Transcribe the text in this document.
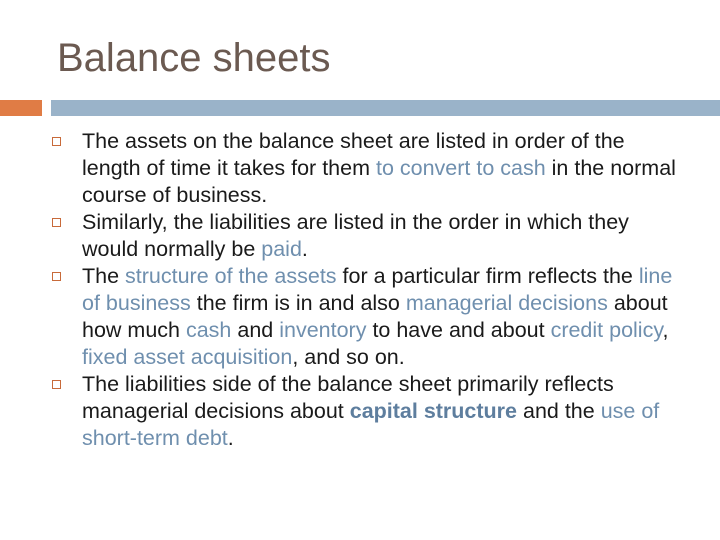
Balance sheets
The assets on the balance sheet are listed in order of the length of time it takes for them to convert to cash in the normal course of business.
Similarly, the liabilities are listed in the order in which they would normally be paid.
The structure of the assets for a particular firm reflects the line of business the firm is in and also managerial decisions about how much cash and inventory to have and about credit policy, fixed asset acquisition, and so on.
The liabilities side of the balance sheet primarily reflects managerial decisions about capital structure and the use of short-term debt.
